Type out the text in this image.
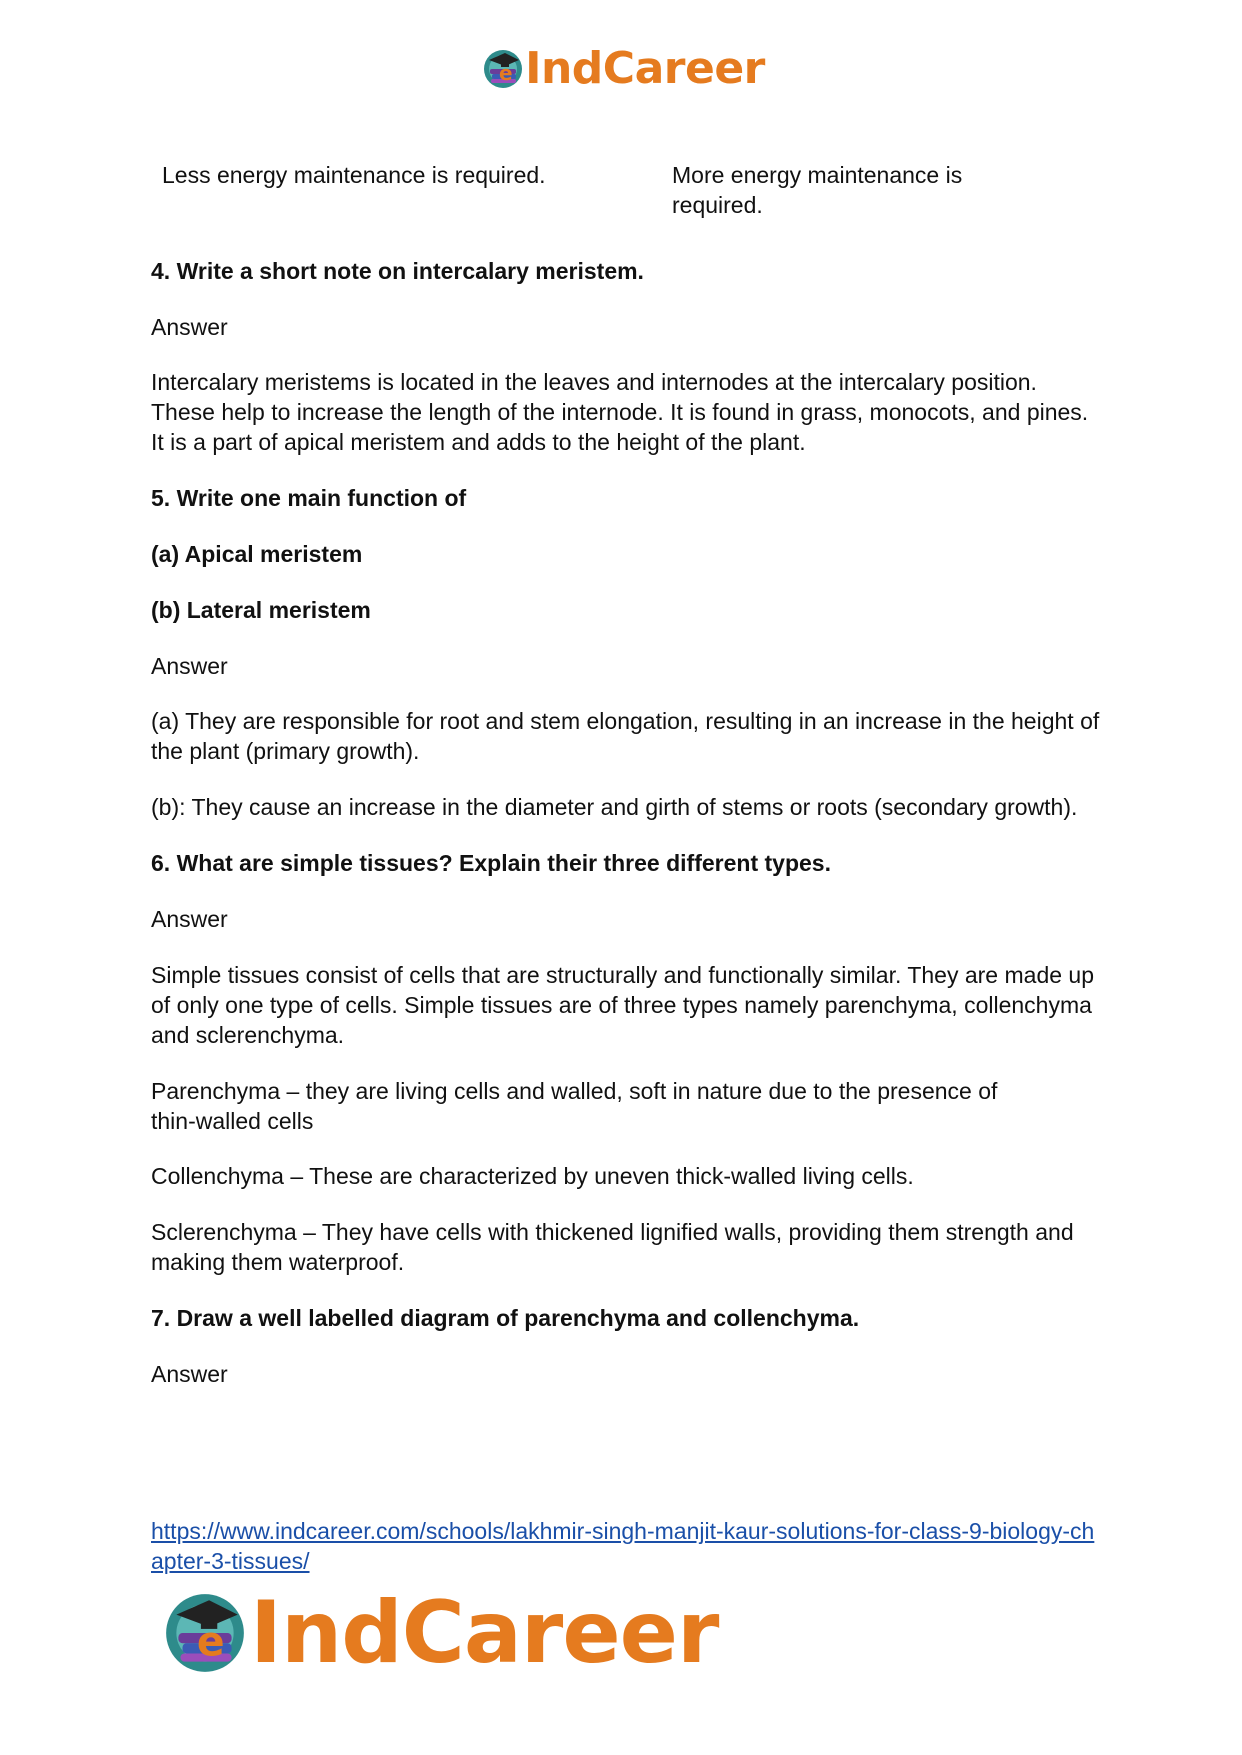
e IndCareer
Less energy maintenance is required.	More energy maintenance is required.
4. Write a short note on intercalary meristem.
Answer
Intercalary meristems is located in the leaves and internodes at the intercalary position. These help to increase the length of the internode. It is found in grass, monocots, and pines. It is a part of apical meristem and adds to the height of the plant.
5. Write one main function of
(a) Apical meristem
(b) Lateral meristem
Answer
(a) They are responsible for root and stem elongation, resulting in an increase in the height of the plant (primary growth).
(b): They cause an increase in the diameter and girth of stems or roots (secondary growth).
6. What are simple tissues? Explain their three different types.
Answer
Simple tissues consist of cells that are structurally and functionally similar. They are made up of only one type of cells. Simple tissues are of three types namely parenchyma, collenchyma and sclerenchyma.
Parenchyma – they are living cells and walled, soft in nature due to the presence of thin-walled cells
Collenchyma – These are characterized by uneven thick-walled living cells.
Sclerenchyma – They have cells with thickened lignified walls, providing them strength and making them waterproof.
7. Draw a well labelled diagram of parenchyma and collenchyma.
Answer
https://www.indcareer.com/schools/lakhmir-singh-manjit-kaur-solutions-for-class-9-biology-ch
apter-3-tissues/
e IndCareer
